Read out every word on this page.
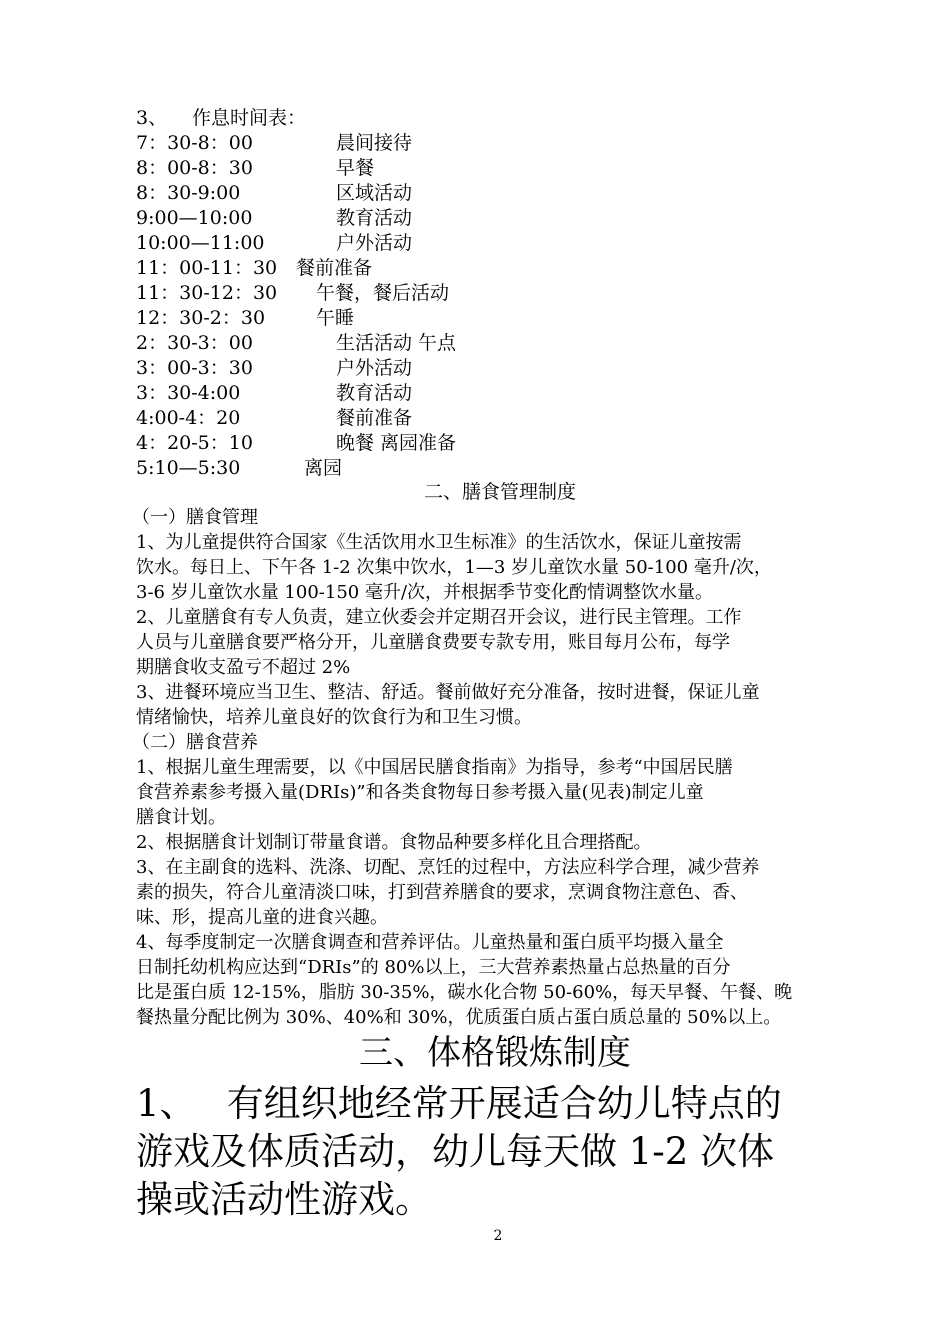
3、 作息时间表：
7：30-8：00	晨间接待
8：00-8：30	早餐
8：30-9:00	区域活动
9:00—10:00	教育活动
10:00—11:00	户外活动
11：00-11：30 餐前准备
11：30-12：30 午餐，餐后活动
12：30-2：30	午睡
2：30-3：00	生活活动 午点
3：00-3：30	户外活动
3：30-4:00	教育活动
4:00-4：20	餐前准备
4：20-5：10	晚餐 离园准备
5:10—5:30	离园
二、膳食管理制度
（一）膳食管理

1、为儿童提供符合国家《生活饮用水卫生标准》的生活饮水，保证儿童按需
饮水。每日上、下午各 1-2 次集中饮水，1—3 岁儿童饮水量 50-100 毫升/次，
3-6 岁儿童饮水量 100-150 毫升/次，并根据季节变化酌情调整饮水量。

2、儿童膳食有专人负责，建立伙委会并定期召开会议，进行民主管理。工作
人员与儿童膳食要严格分开，儿童膳食费要专款专用，账目每月公布，每学
期膳食收支盈亏不超过 2%

3、进餐环境应当卫生、整洁、舒适。餐前做好充分准备，按时进餐，保证儿童
情绪愉快，培养儿童良好的饮食行为和卫生习惯。

（二）膳食营养

1、根据儿童生理需要，以《中国居民膳食指南》为指导，参考“中国居民膳
食营养素参考摄入量(DRIs)”和各类食物每日参考摄入量(见表)制定儿童
膳食计划。

2、根据膳食计划制订带量食谱。食物品种要多样化且合理搭配。

3、在主副食的选料、洗涤、切配、烹饪的过程中，方法应科学合理，减少营养
素的损失，符合儿童清淡口味，打到营养膳食的要求，烹调食物注意色、香、
味、形，提高儿童的进食兴趣。

4、每季度制定一次膳食调查和营养评估。儿童热量和蛋白质平均摄入量全
日制托幼机构应达到“DRIs”的 80%以上，三大营养素热量占总热量的百分
比是蛋白质 12-15%，脂肪 30-35%，碳水化合物 50-60%，每天早餐、午餐、晚
餐热量分配比例为 30%、40%和 30%，优质蛋白质占蛋白质总量的 50%以上。

三、体格锻炼制度
1、　 有组织地经常开展适合幼儿特点的
游戏及体质活动，幼儿每天做 1-2 次体
操或活动性游戏。
2
